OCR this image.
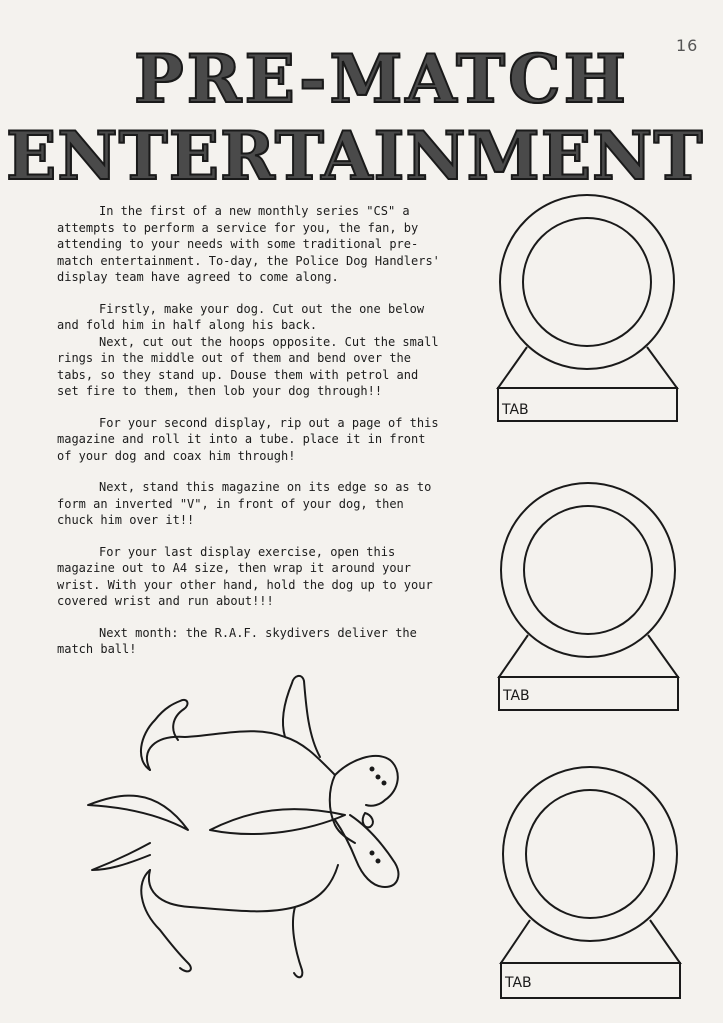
16
PRE-MATCH
ENTERTAINMENT

In the first of a new monthly series "CS" a attempts to perform a service for you, the fan, by attending to your needs with some traditional pre-match entertainment. To-day, the Police Dog Handlers' display team have agreed to come along.

Firstly, make your dog. Cut out the one below and fold him in half along his back.

Next, cut out the hoops opposite. Cut the small rings in the middle out of them and bend over the tabs, so they stand up. Douse them with petrol and set fire to them, then lob your dog through!!

For your second display, rip out a page of this magazine and roll it into a tube. place it in front of your dog and coax him through!

Next, stand this magazine on its edge so as to form an inverted "V", in front of your dog, then chuck him over it!!

For your last display exercise, open this magazine out to A4 size, then wrap it around your wrist. With your other hand, hold the dog up to your covered wrist and run about!!!

Next month: the R.A.F. skydivers deliver the match ball!

TAB
TAB
TAB
